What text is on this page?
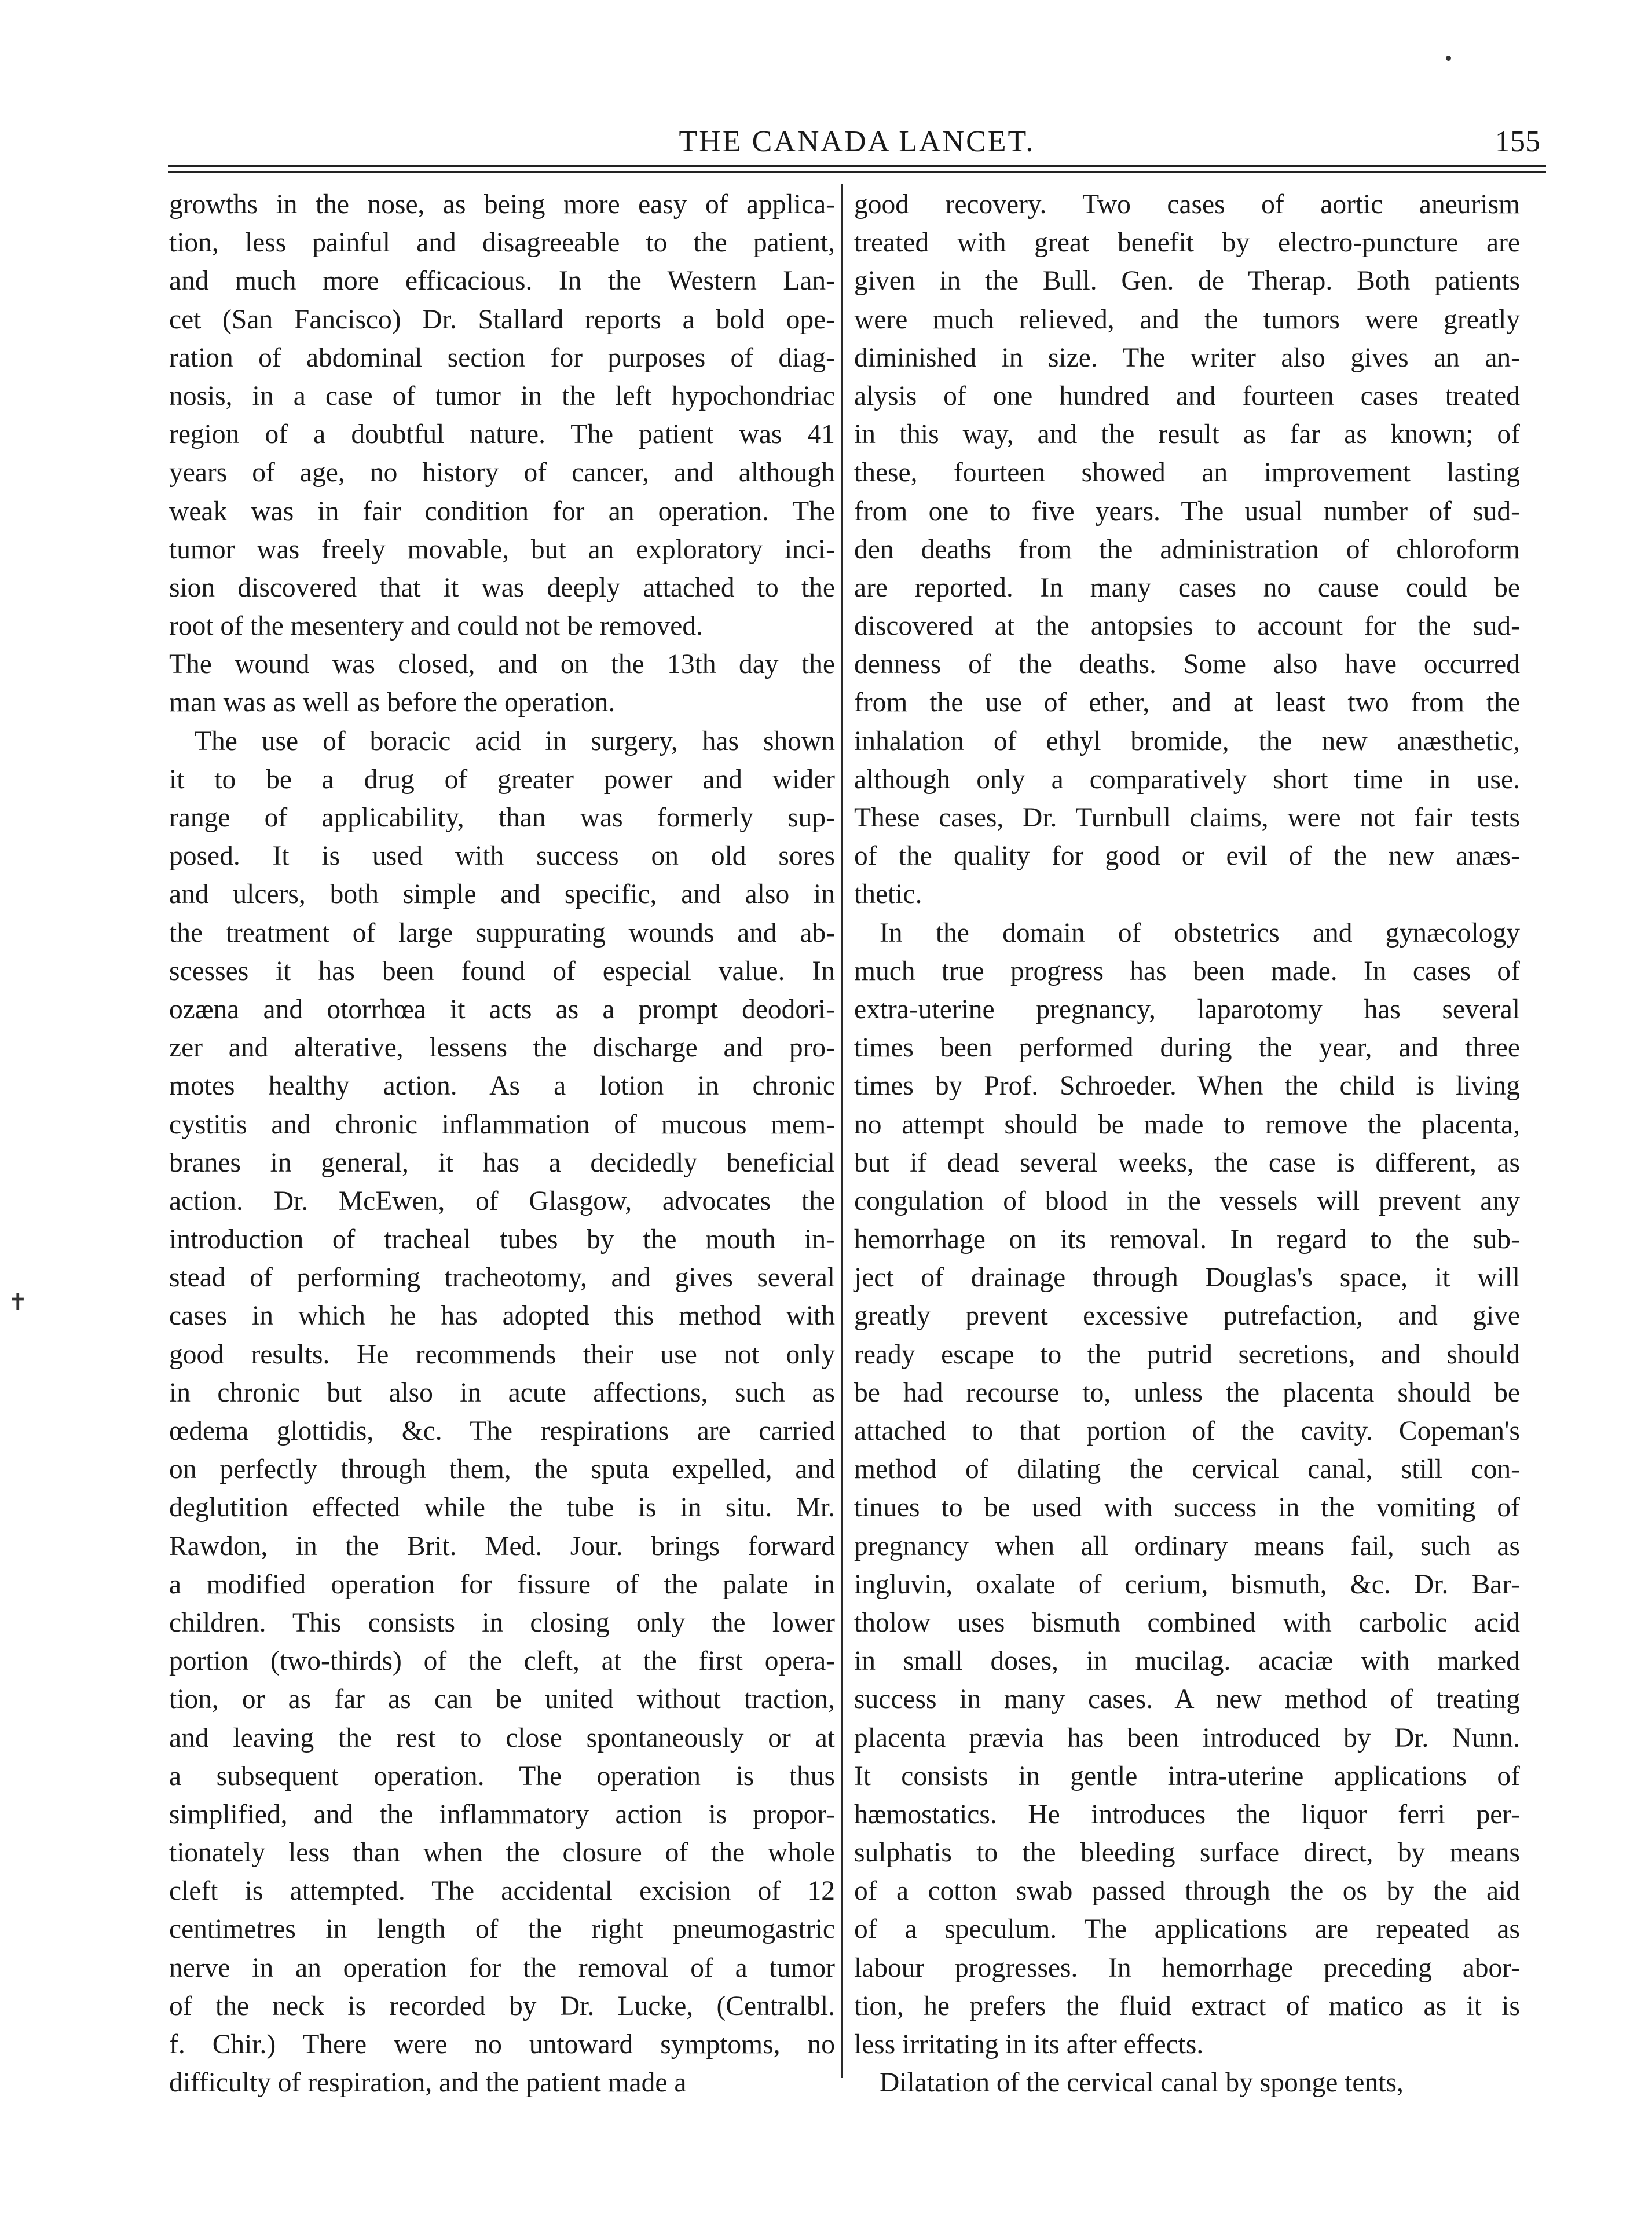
THE CANADA LANCET.	155
growths in the nose, as being more easy of applica-
tion, less painful and disagreeable to the patient,
and much more efficacious. In the Western Lan-
cet (San Fancisco) Dr. Stallard reports a bold ope-
ration of abdominal section for purposes of diag-
nosis, in a case of tumor in the left hypochondriac
region of a doubtful nature. The patient was 41
years of age, no history of cancer, and although
weak was in fair condition for an operation. The
tumor was freely movable, but an exploratory inci-
sion discovered that it was deeply attached to the
root of the mesentery and could not be removed.
The wound was closed, and on the 13th day the
man was as well as before the operation.
The use of boracic acid in surgery, has shown
it to be a drug of greater power and wider
range of applicability, than was formerly sup-
posed. It is used with success on old sores
and ulcers, both simple and specific, and also in
the treatment of large suppurating wounds and ab-
scesses it has been found of especial value. In
ozæna and otorrhœa it acts as a prompt deodori-
zer and alterative, lessens the discharge and pro-
motes healthy action. As a lotion in chronic
cystitis and chronic inflammation of mucous mem-
branes in general, it has a decidedly beneficial
action. Dr. McEwen, of Glasgow, advocates the
introduction of tracheal tubes by the mouth in-
stead of performing tracheotomy, and gives several
cases in which he has adopted this method with
good results. He recommends their use not only
in chronic but also in acute affections, such as
œdema glottidis, &c. The respirations are carried
on perfectly through them, the sputa expelled, and
deglutition effected while the tube is in situ. Mr.
Rawdon, in the Brit. Med. Jour. brings forward
a modified operation for fissure of the palate in
children. This consists in closing only the lower
portion (two-thirds) of the cleft, at the first opera-
tion, or as far as can be united without traction,
and leaving the rest to close spontaneously or at
a subsequent operation. The operation is thus
simplified, and the inflammatory action is propor-
tionately less than when the closure of the whole
cleft is attempted. The accidental excision of 12
centimetres in length of the right pneumogastric
nerve in an operation for the removal of a tumor
of the neck is recorded by Dr. Lucke, (Centralbl.
f. Chir.) There were no untoward symptoms, no
difficulty of respiration, and the patient made a
good recovery. Two cases of aortic aneurism
treated with great benefit by electro-puncture are
given in the Bull. Gen. de Therap. Both patients
were much relieved, and the tumors were greatly
diminished in size. The writer also gives an an-
alysis of one hundred and fourteen cases treated
in this way, and the result as far as known; of
these, fourteen showed an improvement lasting
from one to five years. The usual number of sud-
den deaths from the administration of chloroform
are reported. In many cases no cause could be
discovered at the antopsies to account for the sud-
denness of the deaths. Some also have occurred
from the use of ether, and at least two from the
inhalation of ethyl bromide, the new anæsthetic,
although only a comparatively short time in use.
These cases, Dr. Turnbull claims, were not fair tests
of the quality for good or evil of the new anæs-
thetic.
In the domain of obstetrics and gynæcology
much true progress has been made. In cases of
extra-uterine pregnancy, laparotomy has several
times been performed during the year, and three
times by Prof. Schroeder. When the child is living
no attempt should be made to remove the placenta,
but if dead several weeks, the case is different, as
congulation of blood in the vessels will prevent any
hemorrhage on its removal. In regard to the sub-
ject of drainage through Douglas's space, it will
greatly prevent excessive putrefaction, and give
ready escape to the putrid secretions, and should
be had recourse to, unless the placenta should be
attached to that portion of the cavity. Copeman's
method of dilating the cervical canal, still con-
tinues to be used with success in the vomiting of
pregnancy when all ordinary means fail, such as
ingluvin, oxalate of cerium, bismuth, &c. Dr. Bar-
tholow uses bismuth combined with carbolic acid
in small doses, in mucilag. acaciæ with marked
success in many cases. A new method of treating
placenta prævia has been introduced by Dr. Nunn.
It consists in gentle intra-uterine applications of
hæmostatics. He introduces the liquor ferri per-
sulphatis to the bleeding surface direct, by means
of a cotton swab passed through the os by the aid
of a speculum. The applications are repeated as
labour progresses. In hemorrhage preceding abor-
tion, he prefers the fluid extract of matico as it is
less irritating in its after effects.
Dilatation of the cervical canal by sponge tents,
✝
